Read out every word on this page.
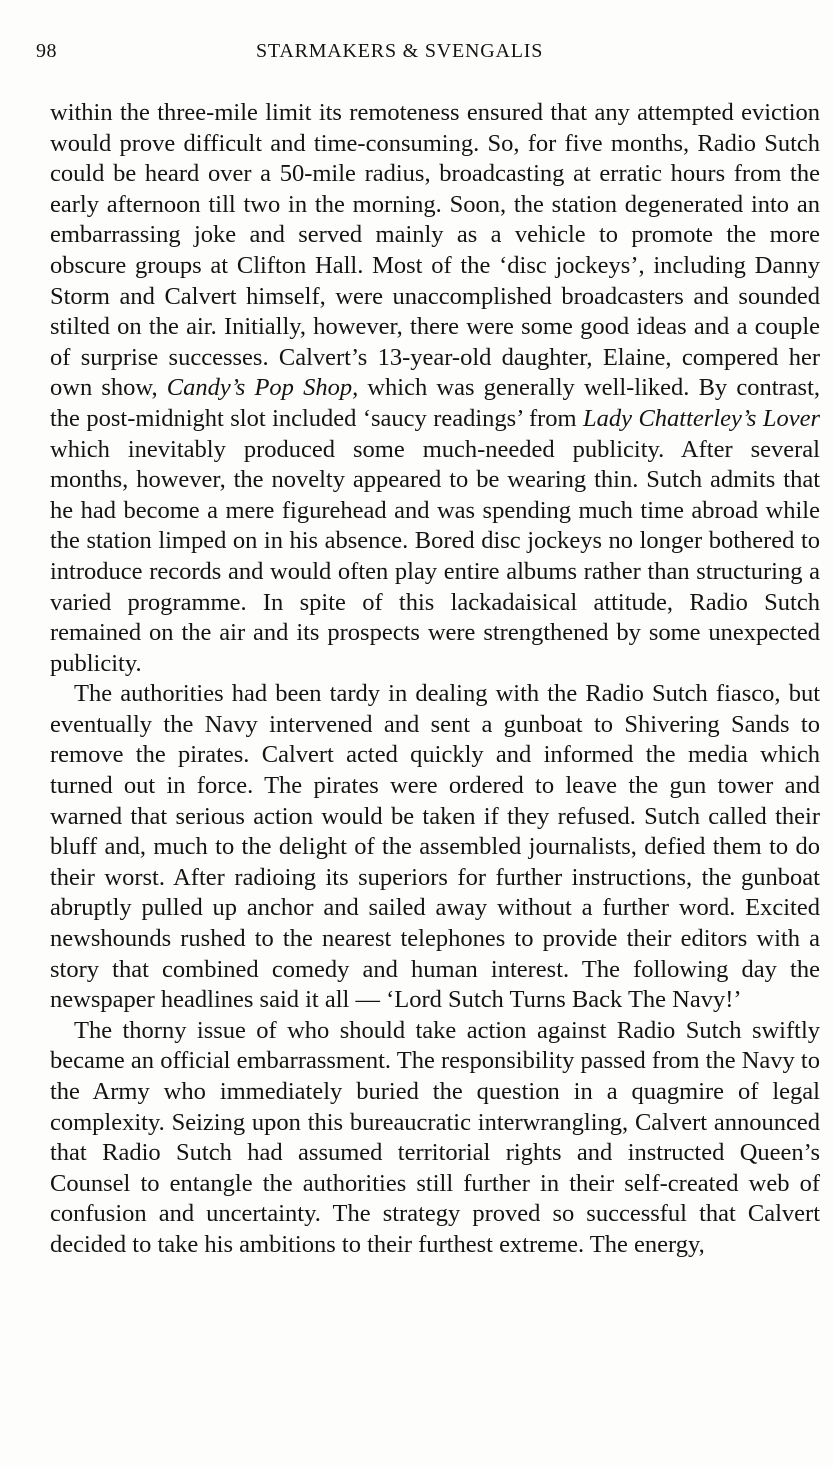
98	STARMAKERS & SVENGALIS

within the three-mile limit its remoteness ensured that any attempted eviction would prove difficult and time-consuming. So, for five months, Radio Sutch could be heard over a 50-mile radius, broadcasting at erratic hours from the early afternoon till two in the morning. Soon, the station degenerated into an embarrassing joke and served mainly as a vehicle to promote the more obscure groups at Clifton Hall. Most of the ‘disc jockeys’, including Danny Storm and Calvert himself, were unaccomplished broadcasters and sounded stilted on the air. Initially, however, there were some good ideas and a couple of surprise successes. Calvert’s 13-year-old daughter, Elaine, compered her own show, Candy’s Pop Shop, which was generally well-liked. By contrast, the post-midnight slot included ‘saucy readings’ from Lady Chatterley’s Lover which inevitably produced some much-needed publicity. After several months, however, the novelty appeared to be wearing thin. Sutch admits that he had become a mere figurehead and was spending much time abroad while the station limped on in his absence. Bored disc jockeys no longer bothered to introduce records and would often play entire albums rather than structuring a varied programme. In spite of this lackadaisical attitude, Radio Sutch remained on the air and its prospects were strengthened by some unexpected publicity.

The authorities had been tardy in dealing with the Radio Sutch fiasco, but eventually the Navy intervened and sent a gunboat to Shivering Sands to remove the pirates. Calvert acted quickly and informed the media which turned out in force. The pirates were ordered to leave the gun tower and warned that serious action would be taken if they refused. Sutch called their bluff and, much to the delight of the assembled journalists, defied them to do their worst. After radioing its superiors for further instructions, the gunboat abruptly pulled up anchor and sailed away without a further word. Excited newshounds rushed to the nearest telephones to provide their editors with a story that combined comedy and human interest. The following day the newspaper headlines said it all — ‘Lord Sutch Turns Back The Navy!’

The thorny issue of who should take action against Radio Sutch swiftly became an official embarrassment. The responsibility passed from the Navy to the Army who immediately buried the question in a quagmire of legal complexity. Seizing upon this bureaucratic interwrangling, Calvert announced that Radio Sutch had assumed territorial rights and instructed Queen’s Counsel to entangle the authorities still further in their self-created web of confusion and uncertainty. The strategy proved so successful that Calvert decided to take his ambitions to their furthest extreme. The energy,
